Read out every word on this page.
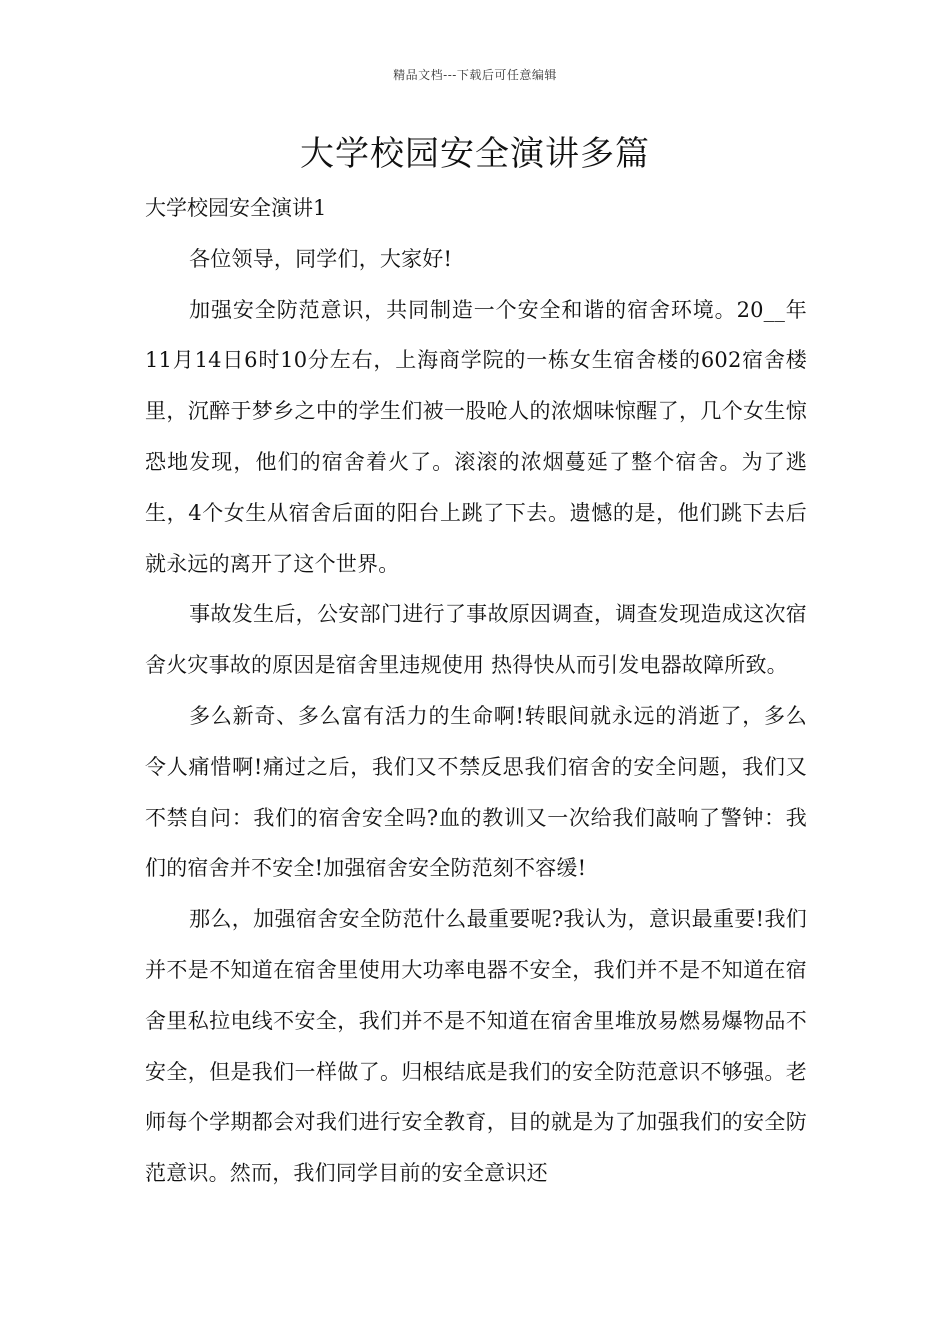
精品文档---下载后可任意编辑
大学校园安全演讲多篇

大学校园安全演讲1

各位领导，同学们，大家好!

加强安全防范意识，共同制造一个安全和谐的宿舍环境。20__年11月14日6时10分左右，上海商学院的一栋女生宿舍楼的602宿舍楼里，沉醉于梦乡之中的学生们被一股呛人的浓烟味惊醒了，几个女生惊恐地发现，他们的宿舍着火了。滚滚的浓烟蔓延了整个宿舍。为了逃生，4个女生从宿舍后面的阳台上跳了下去。遗憾的是，他们跳下去后就永远的离开了这个世界。

事故发生后，公安部门进行了事故原因调查，调查发现造成这次宿舍火灾事故的原因是宿舍里违规使用 热得快从而引发电器故障所致。

多么新奇、多么富有活力的生命啊!转眼间就永远的消逝了，多么令人痛惜啊!痛过之后，我们又不禁反思我们宿舍的安全问题，我们又不禁自问：我们的宿舍安全吗?血的教训又一次给我们敲响了警钟：我们的宿舍并不安全!加强宿舍安全防范刻不容缓!

那么，加强宿舍安全防范什么最重要呢?我认为，意识最重要!我们并不是不知道在宿舍里使用大功率电器不安全，我们并不是不知道在宿舍里私拉电线不安全，我们并不是不知道在宿舍里堆放易燃易爆物品不安全，但是我们一样做了。归根结底是我们的安全防范意识不够强。老师每个学期都会对我们进行安全教育，目的就是为了加强我们的安全防范意识。然而，我们同学目前的安全意识还
